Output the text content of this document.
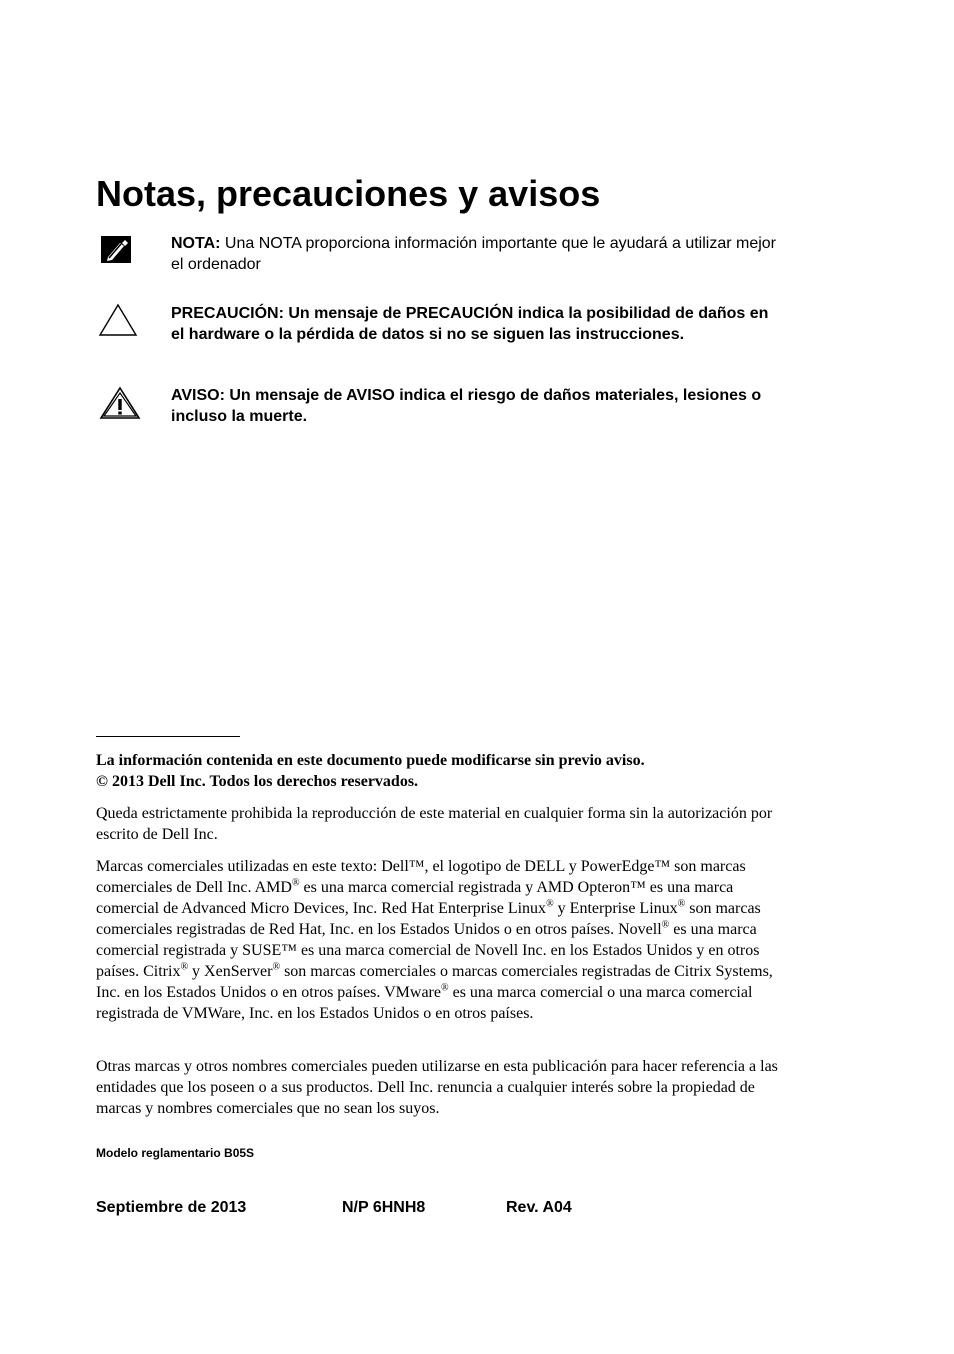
Notas, precauciones y avisos
NOTA: Una NOTA proporciona información importante que le ayudará a utilizar mejor el ordenador
PRECAUCIÓN: Un mensaje de PRECAUCIÓN indica la posibilidad de daños en el hardware o la pérdida de datos si no se siguen las instrucciones.
AVISO: Un mensaje de AVISO indica el riesgo de daños materiales, lesiones o incluso la muerte.

La información contenida en este documento puede modificarse sin previo aviso.

© 2013 Dell Inc. Todos los derechos reservados.

Queda estrictamente prohibida la reproducción de este material en cualquier forma sin la autorización por escrito de Dell Inc.

Marcas comerciales utilizadas en este texto: Dell™, el logotipo de DELL y PowerEdge™ son marcas comerciales de Dell Inc. AMD® es una marca comercial registrada y AMD Opteron™ es una marca comercial de Advanced Micro Devices, Inc. Red Hat Enterprise Linux® y Enterprise Linux® son marcas comerciales registradas de Red Hat, Inc. en los Estados Unidos o en otros países. Novell® es una marca comercial registrada y SUSE™ es una marca comercial de Novell Inc. en los Estados Unidos y en otros países. Citrix® y XenServer® son marcas comerciales o marcas comerciales registradas de Citrix Systems, Inc. en los Estados Unidos o en otros países. VMware® es una marca comercial o una marca comercial registrada de VMWare, Inc. en los Estados Unidos o en otros países.

Otras marcas y otros nombres comerciales pueden utilizarse en esta publicación para hacer referencia a las entidades que los poseen o a sus productos. Dell Inc. renuncia a cualquier interés sobre la propiedad de marcas y nombres comerciales que no sean los suyos.

Modelo reglamentario B05S
Septiembre de 2013	N/P 6HNH8	Rev. A04
